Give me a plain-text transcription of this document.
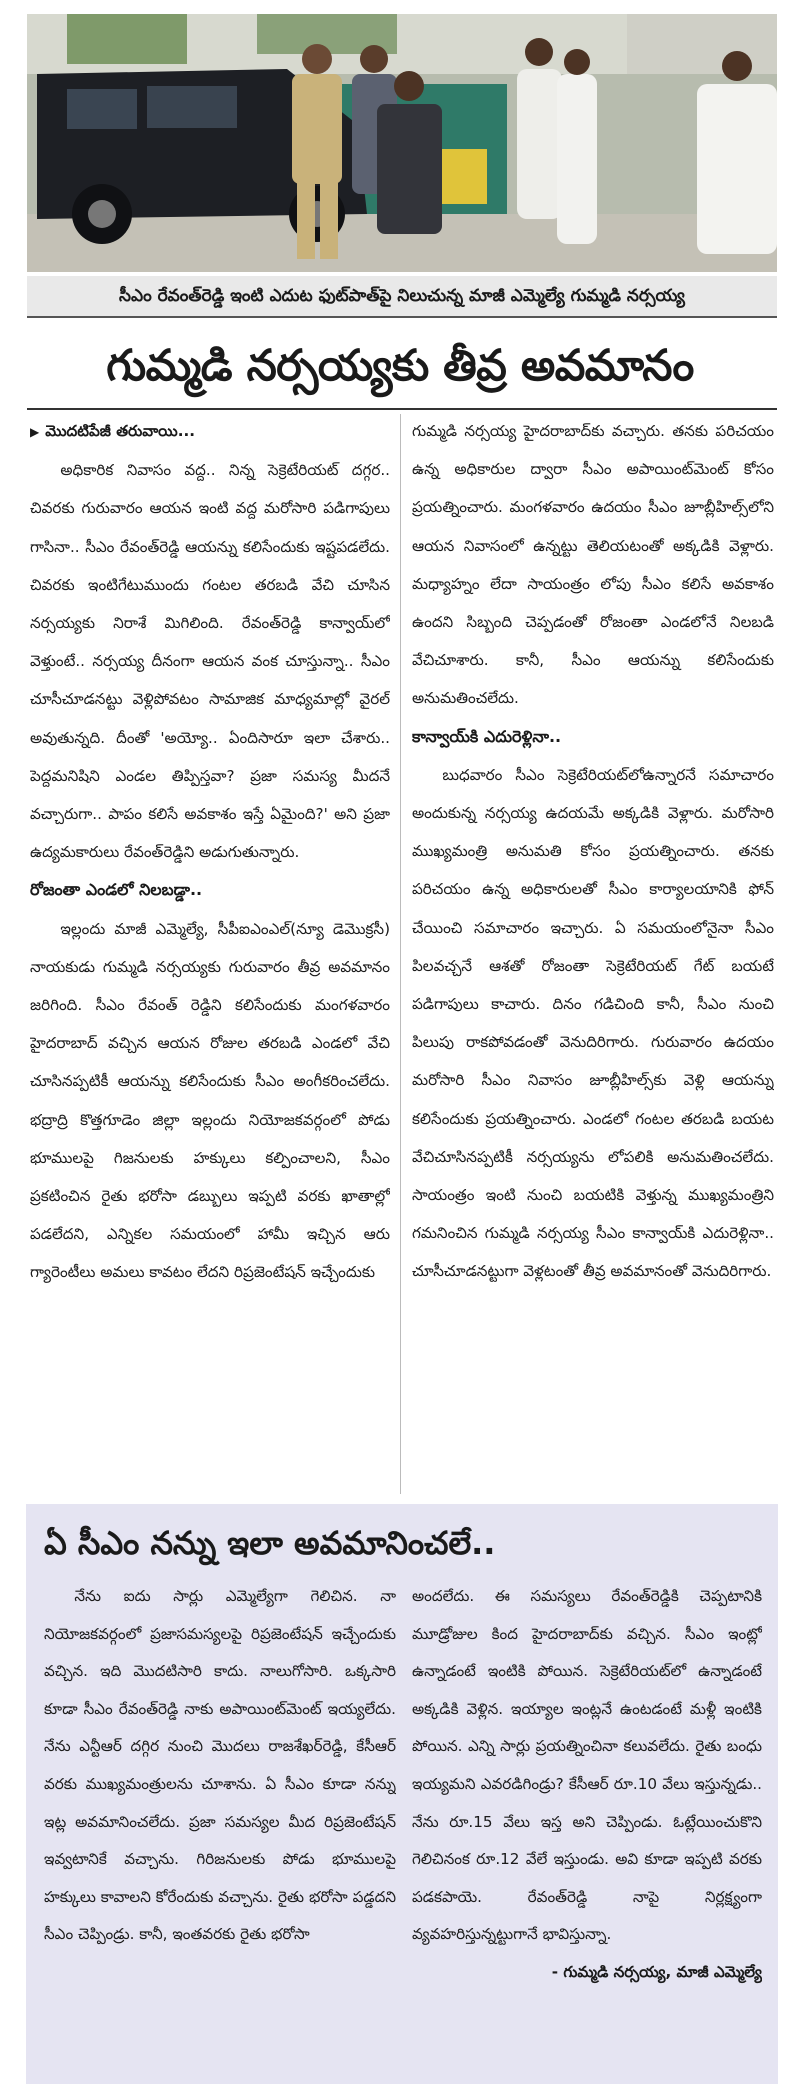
సీఎం రేవంత్‌రెడ్డి ఇంటి ఎదుట ఫుట్‌పాత్‌పై నిలుచున్న మాజీ ఎమ్మెల్యే గుమ్మడి నర్సయ్య
గుమ్మడి నర్సయ్యకు తీవ్ర అవమానం
▶ మొదటిపేజీ తరువాయి...

అధికారిక నివాసం వద్ద.. నిన్న సెక్రెటేరియట్ దగ్గర.. చివరకు గురువారం ఆయన ఇంటి వద్ద మరోసారి పడిగాపులు గాసినా.. సీఎం రేవంత్‌రెడ్డి ఆయన్ను కలిసేందుకు ఇష్టపడలేదు. చివరకు ఇంటిగేటుముందు గంటల తరబడి వేచి చూసిన నర్సయ్యకు నిరాశే మిగిలింది. రేవంత్‌రెడ్డి కాన్వాయ్‌లో వెళ్తుంటే.. నర్సయ్య దీనంగా ఆయన వంక చూస్తున్నా.. సీఎం చూసీచూడనట్టు వెళ్లిపోవటం సామాజిక మాధ్యమాల్లో వైరల్ అవుతున్నది. దీంతో 'అయ్యో.. ఏందిసారూ ఇలా చేశారు.. పెద్దమనిషిని ఎండల తిప్పిస్తవా? ప్రజా సమస్య మీదనే వచ్చారుగా.. పాపం కలిసే అవకాశం ఇస్తే ఏమైంది?' అని ప్రజా ఉద్యమకారులు రేవంత్‌రెడ్డిని అడుగుతున్నారు.

రోజంతా ఎండలో నిలబడ్డా..

ఇల్లందు మాజీ ఎమ్మెల్యే, సీపీఐఎంఎల్(న్యూ డెమొక్రసీ) నాయకుడు గుమ్మడి నర్సయ్యకు గురువారం తీవ్ర అవమానం జరిగింది. సీఎం రేవంత్ రెడ్డిని కలిసేందుకు మంగళవారం హైదరాబాద్ వచ్చిన ఆయన రోజుల తరబడి ఎండలో వేచి చూసినప్పటికీ ఆయన్ను కలిసేందుకు సీఎం అంగీకరించలేదు. భద్రాద్రి కొత్తగూడెం జిల్లా ఇల్లందు నియోజకవర్గంలో పోడు భూములపై గిజనులకు హక్కులు కల్పించాలని, సీఎం ప్రకటించిన రైతు భరోసా డబ్బులు ఇప్పటి వరకు ఖాతాల్లో పడలేదని, ఎన్నికల సమయంలో హామీ ఇచ్చిన ఆరు గ్యారెంటీలు అమలు కావటం లేదని రిప్రజెంటేషన్ ఇచ్చేందుకు

గుమ్మడి నర్సయ్య హైదరాబాద్‌కు వచ్చారు. తనకు పరిచయం ఉన్న అధికారుల ద్వారా సీఎం అపాయింట్‌మెంట్ కోసం ప్రయత్నించారు. మంగళవారం ఉదయం సీఎం జూబ్లీహిల్స్‌లోని ఆయన నివాసంలో ఉన్నట్టు తెలియటంతో అక్కడికి వెళ్లారు. మధ్యాహ్నం లేదా సాయంత్రం లోపు సీఎం కలిసే అవకాశం ఉందని సిబ్బంది చెప్పడంతో రోజంతా ఎండలోనే నిలబడి వేచిచూశారు. కానీ, సీఎం ఆయన్ను కలిసేందుకు అనుమతించలేదు.

కాన్వాయ్‌కి ఎదురెళ్లినా..

బుధవారం సీఎం సెక్రెటేరియట్‌లోఉన్నారనే సమాచారం అందుకున్న నర్సయ్య ఉదయమే అక్కడికి వెళ్లారు. మరోసారి ముఖ్యమంత్రి అనుమతి కోసం ప్రయత్నించారు. తనకు పరిచయం ఉన్న అధికారులతో సీఎం కార్యాలయానికి ఫోన్ చేయించి సమాచారం ఇచ్చారు. ఏ సమయంలోనైనా సీఎం పిలవచ్చనే ఆశతో రోజంతా సెక్రెటేరియట్ గేట్ బయటే పడిగాపులు కాచారు. దినం గడిచింది కానీ, సీఎం నుంచి పిలుపు రాకపోవడంతో వెనుదిరిగారు. గురువారం ఉదయం మరోసారి సీఎం నివాసం జూబ్లీహిల్స్‌కు వెళ్లి ఆయన్ను కలిసేందుకు ప్రయత్నించారు. ఎండలో గంటల తరబడి బయట వేచిచూసినప్పటికీ నర్సయ్యను లోపలికి అనుమతించలేదు. సాయంత్రం ఇంటి నుంచి బయటికి వెళ్తున్న ముఖ్యమంత్రిని గమనించిన గుమ్మడి నర్సయ్య సీఎం కాన్వాయ్‌కి ఎదురెళ్లినా.. చూసీచూడనట్టుగా వెళ్లటంతో తీవ్ర అవమానంతో వెనుదిరిగారు.

ఏ సీఎం నన్ను ఇలా అవమానించలే..

నేను ఐదు సార్లు ఎమ్మెల్యేగా గెలిచిన. నా నియోజకవర్గంలో ప్రజాసమస్యలపై రిప్రజెంటేషన్ ఇచ్చేందుకు వచ్చిన. ఇది మొదటిసారి కాదు. నాలుగోసారి. ఒక్కసారి కూడా సీఎం రేవంత్‌రెడ్డి నాకు అపాయింట్‌మెంట్ ఇయ్యలేదు. నేను ఎన్టీఆర్ దగ్గిర నుంచి మొదలు రాజశేఖర్‌రెడ్డి, కేసీఆర్ వరకు ముఖ్యమంత్రులను చూశాను. ఏ సీఎం కూడా నన్ను ఇట్ల అవమానించలేదు. ప్రజా సమస్యల మీద రిప్రజెంటేషన్ ఇవ్వటానికే వచ్చాను. గిరిజనులకు పోడు భూములపై హక్కులు కావాలని కోరేందుకు వచ్చాను. రైతు భరోసా పడ్డదని సీఎం చెప్పిండ్రు. కానీ, ఇంతవరకు రైతు భరోసా

అందలేదు. ఈ సమస్యలు రేవంత్‌రెడ్డికి చెప్పటానికి మూడ్రోజుల కింద హైదరాబాద్‌కు వచ్చిన. సీఎం ఇంట్లో ఉన్నాడంటే ఇంటికి పోయిన. సెక్రెటేరియట్‌లో ఉన్నాడంటే అక్కడికి వెళ్లిన. ఇయ్యాల ఇంట్లనే ఉంటడంటే మళ్లీ ఇంటికి పోయిన. ఎన్ని సార్లు ప్రయత్నించినా కలువలేదు. రైతు బంధు ఇయ్యమని ఎవరడిగిండ్రు? కేసీఆర్ రూ.10 వేలు ఇస్తున్నడు.. నేను రూ.15 వేలు ఇస్త అని చెప్పిండు. ఓట్లేయించుకొని గెలిచినంక రూ.12 వేలే ఇస్తుండు. అవి కూడా ఇప్పటి వరకు పడకపాయె. రేవంత్‌రెడ్డి నాపై నిర్లక్ష్యంగా వ్యవహరిస్తున్నట్టుగానే భావిస్తున్నా.

- గుమ్మడి నర్సయ్య, మాజీ ఎమ్మెల్యే
